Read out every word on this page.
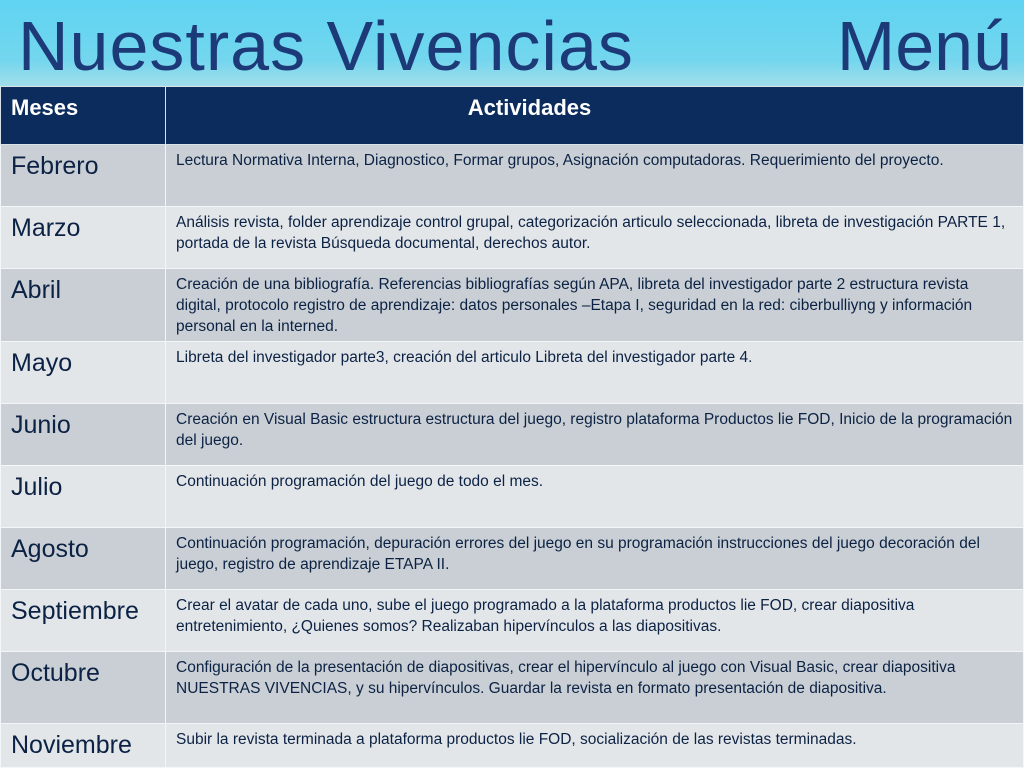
Nuestras Vivencias	Menú
Meses	Actividades
Febrero	Lectura Normativa Interna, Diagnostico, Formar grupos, Asignación computadoras. Requerimiento del proyecto.
Marzo	Análisis revista, folder aprendizaje control grupal, categorización articulo seleccionada, libreta de investigación PARTE 1, portada de la revista Búsqueda documental, derechos autor.
Abril	Creación de una bibliografía. Referencias bibliografías según APA, libreta del investigador parte 2 estructura revista digital, protocolo registro de aprendizaje: datos personales –Etapa I, seguridad en la red: ciberbulliyng y información personal en la interned.
Mayo	Libreta del investigador parte3, creación del articulo Libreta del investigador parte 4.
Junio	Creación en Visual Basic estructura estructura del juego, registro plataforma Productos lie FOD, Inicio de la programación del juego.
Julio	Continuación programación del juego de todo el mes.
Agosto	Continuación programación, depuración errores del juego en su programación instrucciones del juego decoración del juego, registro de aprendizaje ETAPA II.
Septiembre	Crear el avatar de cada uno, sube el juego programado a la plataforma productos lie FOD, crear diapositiva entretenimiento, ¿Quienes somos? Realizaban hipervínculos a las diapositivas.
Octubre	Configuración de la presentación de diapositivas, crear el hipervínculo al juego con Visual Basic, crear diapositiva NUESTRAS VIVENCIAS, y su hipervínculos. Guardar la revista en formato presentación de diapositiva.
Noviembre	Subir la revista terminada a plataforma productos lie FOD, socialización de las revistas terminadas.
